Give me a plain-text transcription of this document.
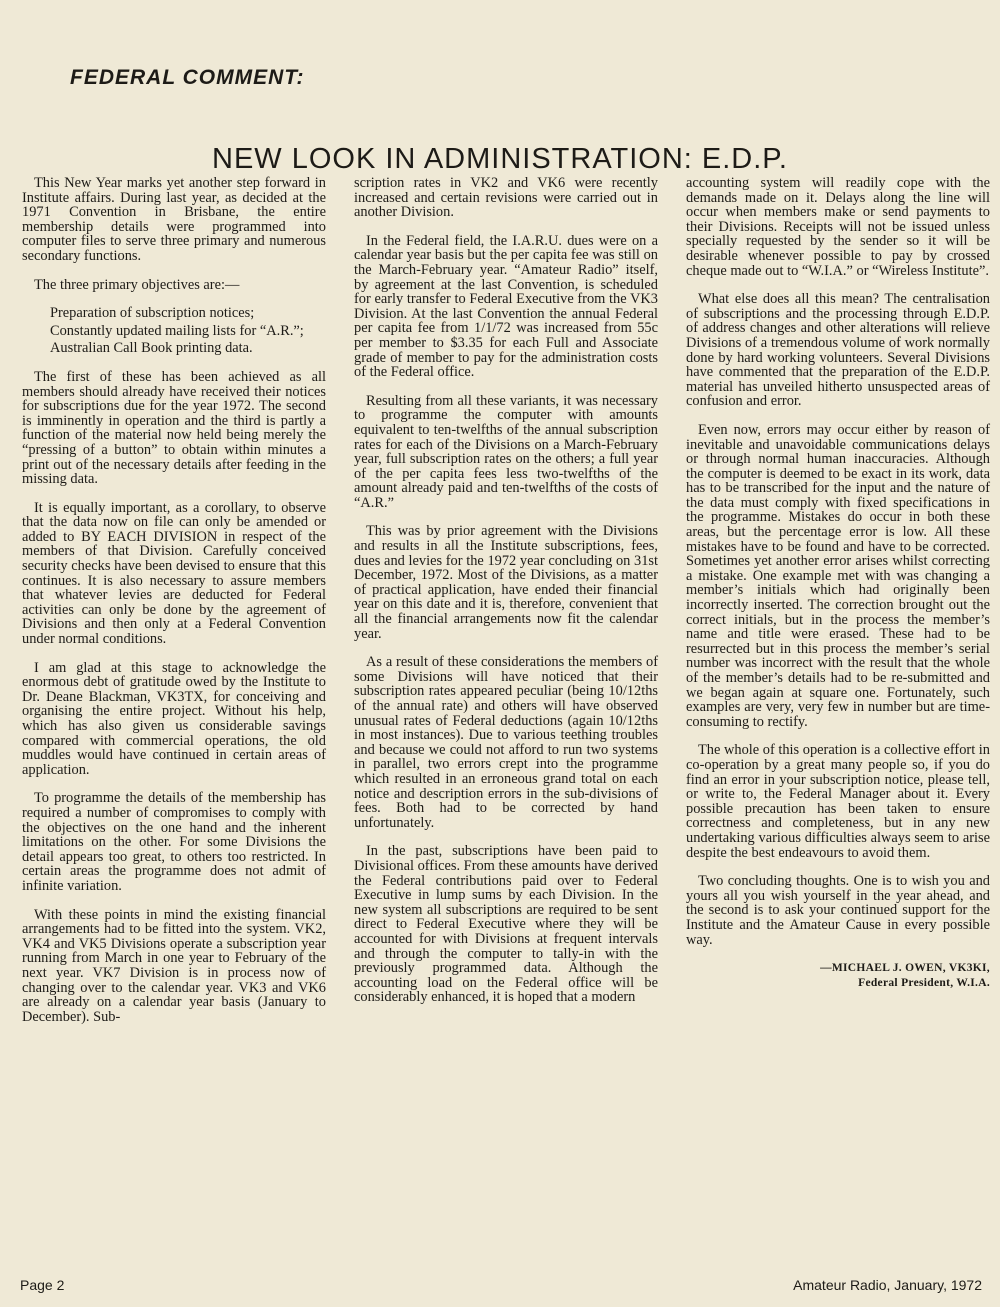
FEDERAL COMMENT:
NEW LOOK IN ADMINISTRATION: E.D.P.

This New Year marks yet another step forward in Institute affairs. During last year, as decided at the 1971 Convention in Brisbane, the entire membership details were programmed into computer files to serve three primary and numerous secondary functions.

The three primary objectives are:—

Preparation of subscription notices;
Constantly updated mailing lists for “A.R.”;
Australian Call Book printing data.

The first of these has been achieved as all members should already have received their notices for subscriptions due for the year 1972. The second is imminently in operation and the third is partly a function of the material now held being merely the “pressing of a button” to obtain within minutes a print out of the necessary details after feeding in the missing data.

It is equally important, as a corollary, to observe that the data now on file can only be amended or added to BY EACH DIVISION in respect of the members of that Division. Carefully conceived security checks have been devised to ensure that this continues. It is also necessary to assure members that whatever levies are deducted for Federal activities can only be done by the agreement of Divisions and then only at a Federal Convention under normal conditions.

I am glad at this stage to acknowledge the enormous debt of gratitude owed by the Institute to Dr. Deane Blackman, VK3TX, for conceiving and organising the entire project. Without his help, which has also given us considerable savings compared with commercial operations, the old muddles would have continued in certain areas of application.

To programme the details of the membership has required a number of compromises to comply with the objectives on the one hand and the inherent limitations on the other. For some Divisions the detail appears too great, to others too restricted. In certain areas the programme does not admit of infinite variation.

With these points in mind the existing financial arrangements had to be fitted into the system. VK2, VK4 and VK5 Divisions operate a subscription year running from March in one year to February of the next year. VK7 Division is in process now of changing over to the calendar year. VK3 and VK6 are already on a calendar year basis (January to December). Sub-

scription rates in VK2 and VK6 were recently increased and certain revisions were carried out in another Division.

In the Federal field, the I.A.R.U. dues were on a calendar year basis but the per capita fee was still on the March-February year. “Amateur Radio” itself, by agreement at the last Convention, is scheduled for early transfer to Federal Executive from the VK3 Division. At the last Convention the annual Federal per capita fee from 1/1/72 was increased from 55c per member to $3.35 for each Full and Associate grade of member to pay for the administration costs of the Federal office.

Resulting from all these variants, it was necessary to programme the computer with amounts equivalent to ten-twelfths of the annual subscription rates for each of the Divisions on a March-February year, full subscription rates on the others; a full year of the per capita fees less two-twelfths of the amount already paid and ten-twelfths of the costs of “A.R.”

This was by prior agreement with the Divisions and results in all the Institute subscriptions, fees, dues and levies for the 1972 year concluding on 31st December, 1972. Most of the Divisions, as a matter of practical application, have ended their financial year on this date and it is, therefore, convenient that all the financial arrangements now fit the calendar year.

As a result of these considerations the members of some Divisions will have noticed that their subscription rates appeared peculiar (being 10/12ths of the annual rate) and others will have observed unusual rates of Federal deductions (again 10/12ths in most instances). Due to various teething troubles and because we could not afford to run two systems in parallel, two errors crept into the programme which resulted in an erroneous grand total on each notice and description errors in the sub-divisions of fees. Both had to be corrected by hand unfortunately.

In the past, subscriptions have been paid to Divisional offices. From these amounts have derived the Federal contributions paid over to Federal Executive in lump sums by each Division. In the new system all subscriptions are required to be sent direct to Federal Executive where they will be accounted for with Divisions at frequent intervals and through the computer to tally-in with the previously programmed data. Although the accounting load on the Federal office will be considerably enhanced, it is hoped that a modern

accounting system will readily cope with the demands made on it. Delays along the line will occur when members make or send payments to their Divisions. Receipts will not be issued unless specially requested by the sender so it will be desirable whenever possible to pay by crossed cheque made out to “W.I.A.” or “Wireless Institute”.

What else does all this mean? The centralisation of subscriptions and the processing through E.D.P. of address changes and other alterations will relieve Divisions of a tremendous volume of work normally done by hard working volunteers. Several Divisions have commented that the preparation of the E.D.P. material has unveiled hitherto unsuspected areas of confusion and error.

Even now, errors may occur either by reason of inevitable and unavoidable communications delays or through normal human inaccuracies. Although the computer is deemed to be exact in its work, data has to be transcribed for the input and the nature of the data must comply with fixed specifications in the programme. Mistakes do occur in both these areas, but the percentage error is low. All these mistakes have to be found and have to be corrected. Sometimes yet another error arises whilst correcting a mistake. One example met with was changing a member’s initials which had originally been incorrectly inserted. The correction brought out the correct initials, but in the process the member’s name and title were erased. These had to be resurrected but in this process the member’s serial number was incorrect with the result that the whole of the member’s details had to be re-submitted and we began again at square one. Fortunately, such examples are very, very few in number but are time-consuming to rectify.

The whole of this operation is a collective effort in co-operation by a great many people so, if you do find an error in your subscription notice, please tell, or write to, the Federal Manager about it. Every possible precaution has been taken to ensure correctness and completeness, but in any new undertaking various difficulties always seem to arise despite the best endeavours to avoid them.

Two concluding thoughts. One is to wish you and yours all you wish yourself in the year ahead, and the second is to ask your continued support for the Institute and the Amateur Cause in every possible way.

—MICHAEL J. OWEN, VK3KI,
Federal President, W.I.A.
Page 2	Amateur Radio, January, 1972
